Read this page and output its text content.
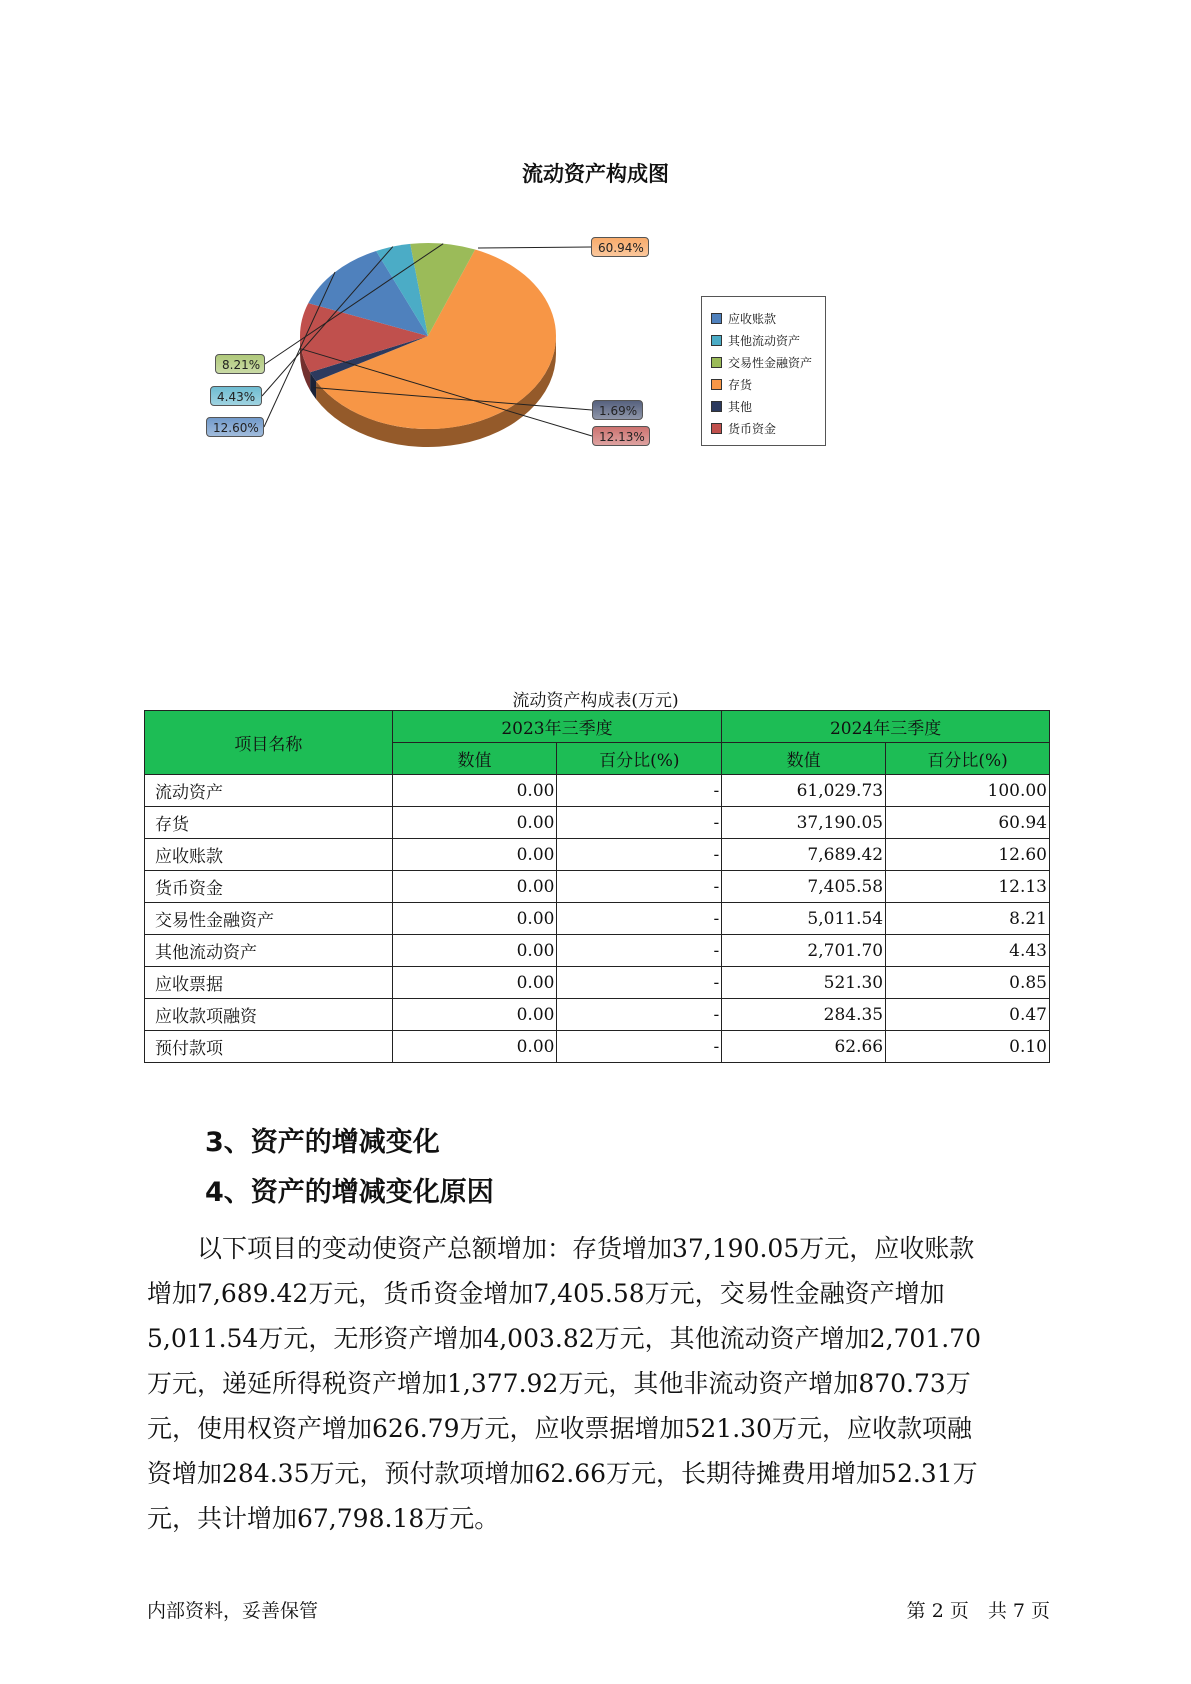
流动资产构成图
应收账款
其他流动资产
交易性金融资产
存货
其他
货币资金
60.94%
1.69%
12.13%
12.60%
4.43%
8.21%
流动资产构成表(万元)
项目名称	2023年三季度		2024年三季度	
	数值	百分比(%)	数值	百分比(%)
流动资产	0.00	-	61,029.73	100.00
存货	0.00	-	37,190.05	60.94
应收账款	0.00	-	7,689.42	12.60
货币资金	0.00	-	7,405.58	12.13
交易性金融资产	0.00	-	5,011.54	8.21
其他流动资产	0.00	-	2,701.70	4.43
应收票据	0.00	-	521.30	0.85
应收款项融资	0.00	-	284.35	0.47
预付款项	0.00	-	62.66	0.10
3、资产的增减变化
4、资产的增减变化原因

　　以下项目的变动使资产总额增加：存货增加37,190.05万元，应收账款

增加7,689.42万元，货币资金增加7,405.58万元，交易性金融资产增加

5,011.54万元，无形资产增加4,003.82万元，其他流动资产增加2,701.70

万元，递延所得税资产增加1,377.92万元，其他非流动资产增加870.73万

元，使用权资产增加626.79万元，应收票据增加521.30万元，应收款项融

资增加284.35万元，预付款项增加62.66万元，长期待摊费用增加52.31万

元，共计增加67,798.18万元。

内部资料，妥善保管	第 2 页　共 7 页
